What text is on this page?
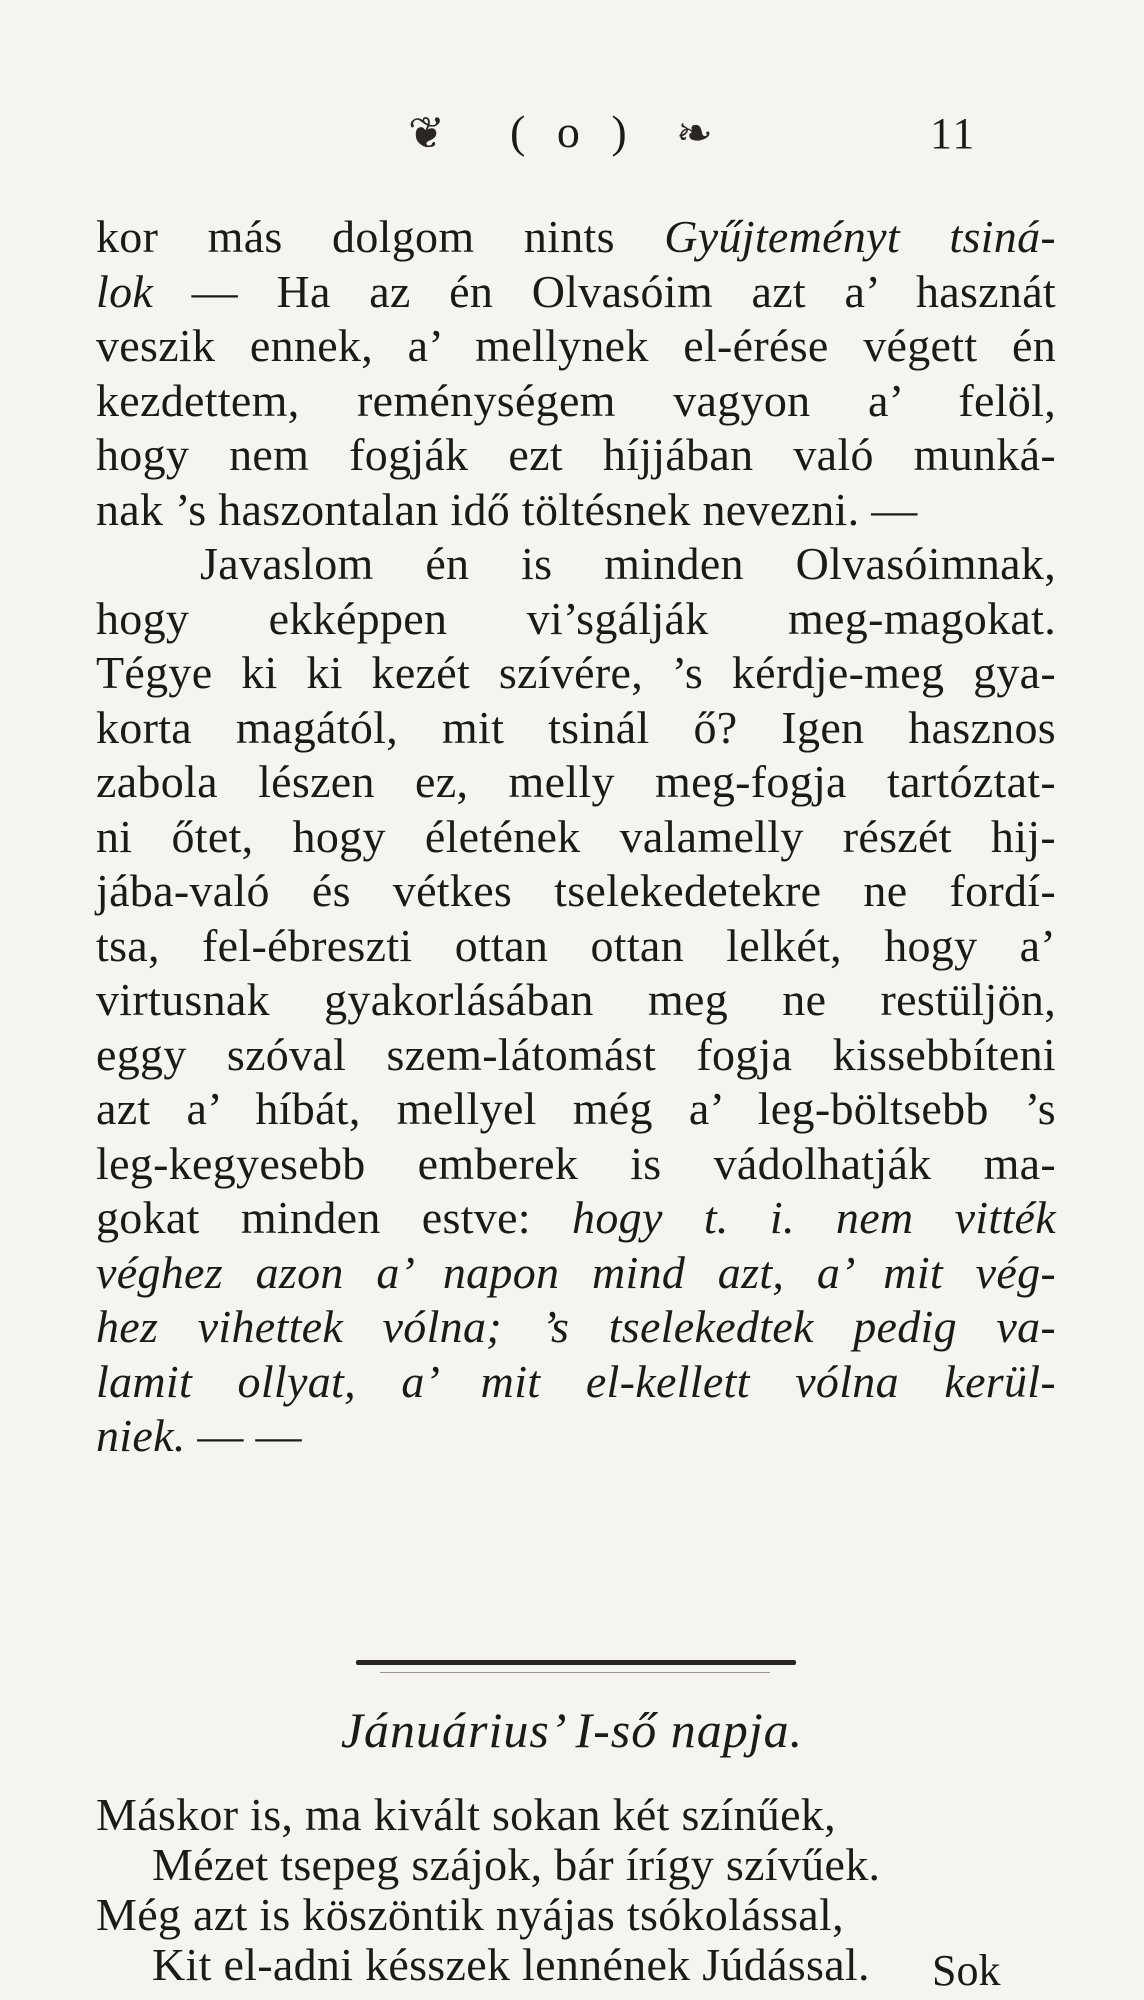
❦ ( o ) ❧	11
kor más dolgom nints Gyűjteményt tsiná-
lok — Ha az én Olvasóim azt a’ hasznát
veszik ennek, a’ mellynek el-érése végett én
kezdettem, reménységem vagyon a’ felöl,
hogy nem fogják ezt híjjában való munká-
nak ’s haszontalan idő töltésnek nevezni. —
Javaslom én is minden Olvasóimnak,
hogy ekképpen vi’sgálják meg-magokat.
Tégye ki ki kezét szívére, ’s kérdje-meg gya-
korta magától, mit tsinál ő? Igen hasznos
zabola lészen ez, melly meg-fogja tartóztat-
ni őtet, hogy életének valamelly részét hij-
jába-való és vétkes tselekedetekre ne fordí-
tsa, fel-ébreszti ottan ottan lelkét, hogy a’
virtusnak gyakorlásában meg ne restüljön,
eggy szóval szem-látomást fogja kissebbíteni
azt a’ híbát, mellyel még a’ leg-böltsebb ’s
leg-kegyesebb emberek is vádolhatják ma-
gokat minden estve: hogy t. i. nem vitték
véghez azon a’ napon mind azt, a’ mit vég-
hez vihettek vólna; ’s tselekedtek pedig va-
lamit ollyat, a’ mit el-kellett vólna kerül-
niek. — —
Jánuárius’ I-ső napja.
Máskor is, ma kivált sokan két színűek,
Mézet tsepeg szájok, bár írígy szívűek.
Még azt is köszöntik nyájas tsókolással,
Kit el-adni késszek lennének Júdással.	Sok
